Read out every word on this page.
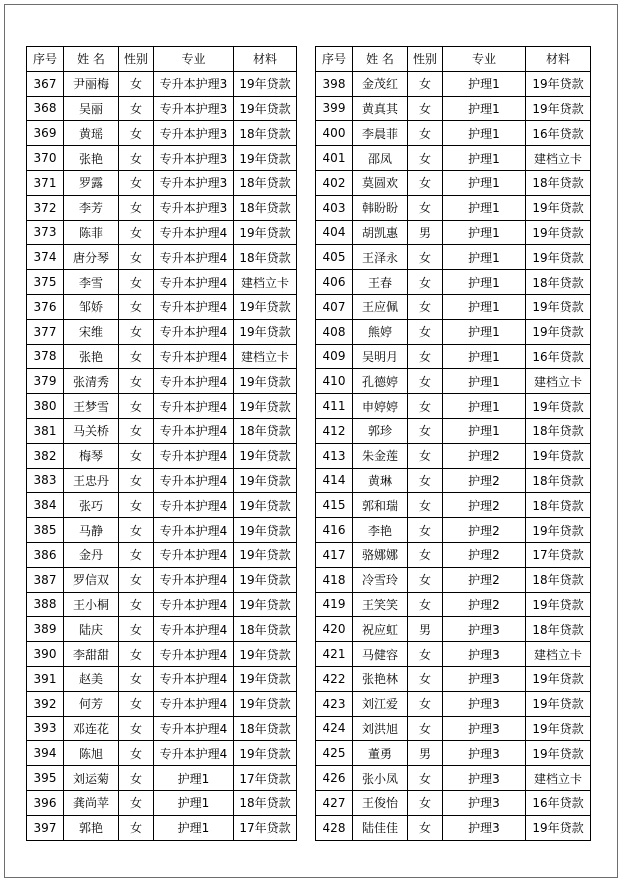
序号	姓 名	性别	专业	材料
367	尹丽梅	女	专升本护理3	19年贷款
368	吴丽	女	专升本护理3	19年贷款
369	黄瑶	女	专升本护理3	18年贷款
370	张艳	女	专升本护理3	19年贷款
371	罗露	女	专升本护理3	18年贷款
372	李芳	女	专升本护理3	18年贷款
373	陈菲	女	专升本护理4	19年贷款
374	唐分琴	女	专升本护理4	18年贷款
375	李雪	女	专升本护理4	建档立卡
376	邹娇	女	专升本护理4	19年贷款
377	宋维	女	专升本护理4	19年贷款
378	张艳	女	专升本护理4	建档立卡
379	张清秀	女	专升本护理4	19年贷款
380	王梦雪	女	专升本护理4	19年贷款
381	马关桥	女	专升本护理4	18年贷款
382	梅琴	女	专升本护理4	19年贷款
383	王忠丹	女	专升本护理4	19年贷款
384	张巧	女	专升本护理4	19年贷款
385	马静	女	专升本护理4	19年贷款
386	金丹	女	专升本护理4	19年贷款
387	罗信双	女	专升本护理4	19年贷款
388	王小桐	女	专升本护理4	19年贷款
389	陆庆	女	专升本护理4	18年贷款
390	李甜甜	女	专升本护理4	19年贷款
391	赵美	女	专升本护理4	19年贷款
392	何芳	女	专升本护理4	19年贷款
393	邓连花	女	专升本护理4	18年贷款
394	陈旭	女	专升本护理4	19年贷款
395	刘运菊	女	护理1	17年贷款
396	龚尚苹	女	护理1	18年贷款
397	郭艳	女	护理1	17年贷款
序号	姓 名	性别	专业	材料
398	金茂红	女	护理1	19年贷款
399	黄真其	女	护理1	19年贷款
400	李晨菲	女	护理1	16年贷款
401	邵凤	女	护理1	建档立卡
402	莫圆欢	女	护理1	18年贷款
403	韩盼盼	女	护理1	19年贷款
404	胡凯惠	男	护理1	19年贷款
405	王泽永	女	护理1	19年贷款
406	王春	女	护理1	18年贷款
407	王应佩	女	护理1	19年贷款
408	熊婷	女	护理1	19年贷款
409	吴明月	女	护理1	16年贷款
410	孔德婷	女	护理1	建档立卡
411	申婷婷	女	护理1	19年贷款
412	郭珍	女	护理1	18年贷款
413	朱金莲	女	护理2	19年贷款
414	黄琳	女	护理2	18年贷款
415	郭和瑞	女	护理2	18年贷款
416	李艳	女	护理2	19年贷款
417	骆娜娜	女	护理2	17年贷款
418	冷雪玲	女	护理2	18年贷款
419	王笑笑	女	护理2	19年贷款
420	祝应虹	男	护理3	18年贷款
421	马健容	女	护理3	建档立卡
422	张艳林	女	护理3	19年贷款
423	刘江爱	女	护理3	19年贷款
424	刘洪旭	女	护理3	19年贷款
425	董勇	男	护理3	19年贷款
426	张小凤	女	护理3	建档立卡
427	王俊怡	女	护理3	16年贷款
428	陆佳佳	女	护理3	19年贷款
